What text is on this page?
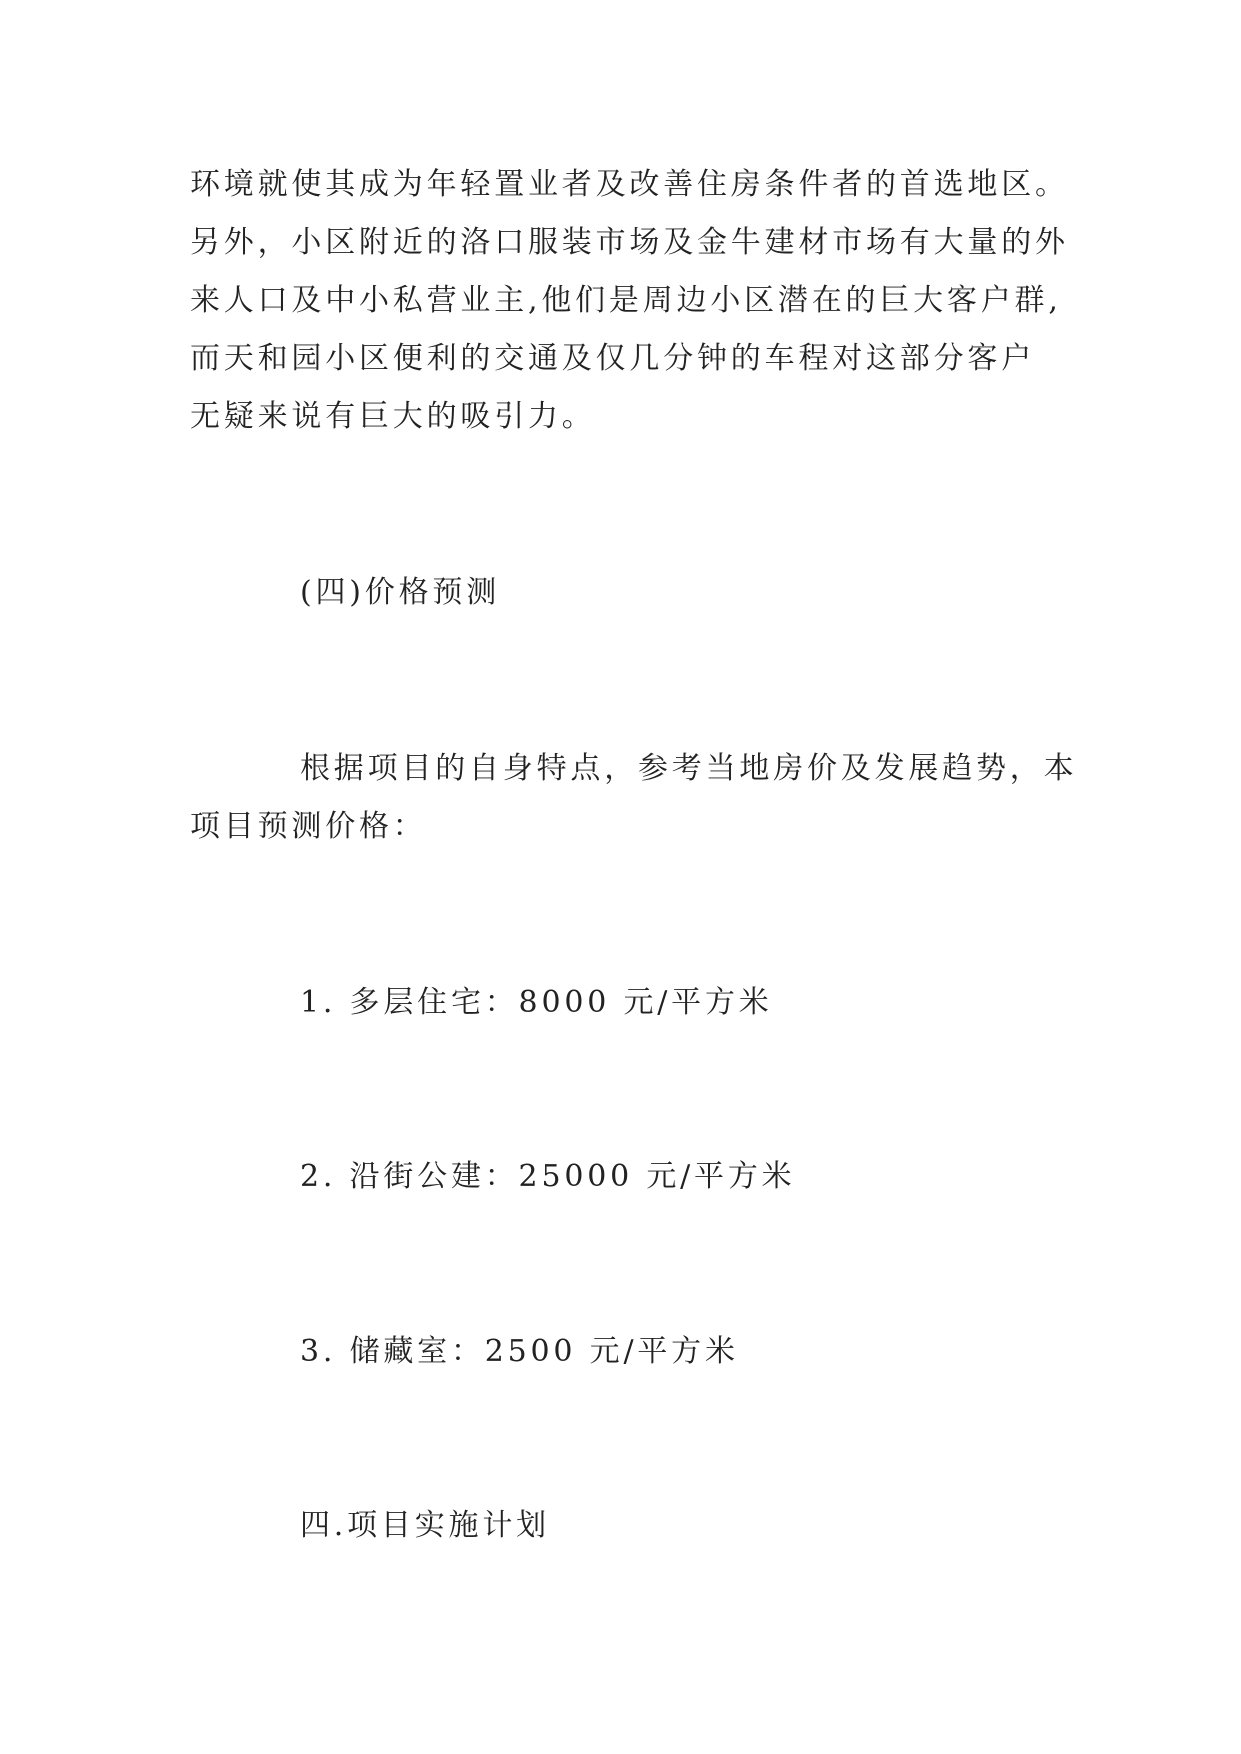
环境就使其成为年轻置业者及改善住房条件者的首选地区。
另外，小区附近的洛口服装市场及金牛建材市场有大量的外
来人口及中小私营业主,他们是周边小区潜在的巨大客户群,
而天和园小区便利的交通及仅几分钟的车程对这部分客户
无疑来说有巨大的吸引力。
(四)价格预测
根据项目的自身特点，参考当地房价及发展趋势，本
项目预测价格：
1. 多层住宅：8000 元/平方米
2. 沿街公建：25000 元/平方米
3. 储藏室：2500 元/平方米
四.项目实施计划
